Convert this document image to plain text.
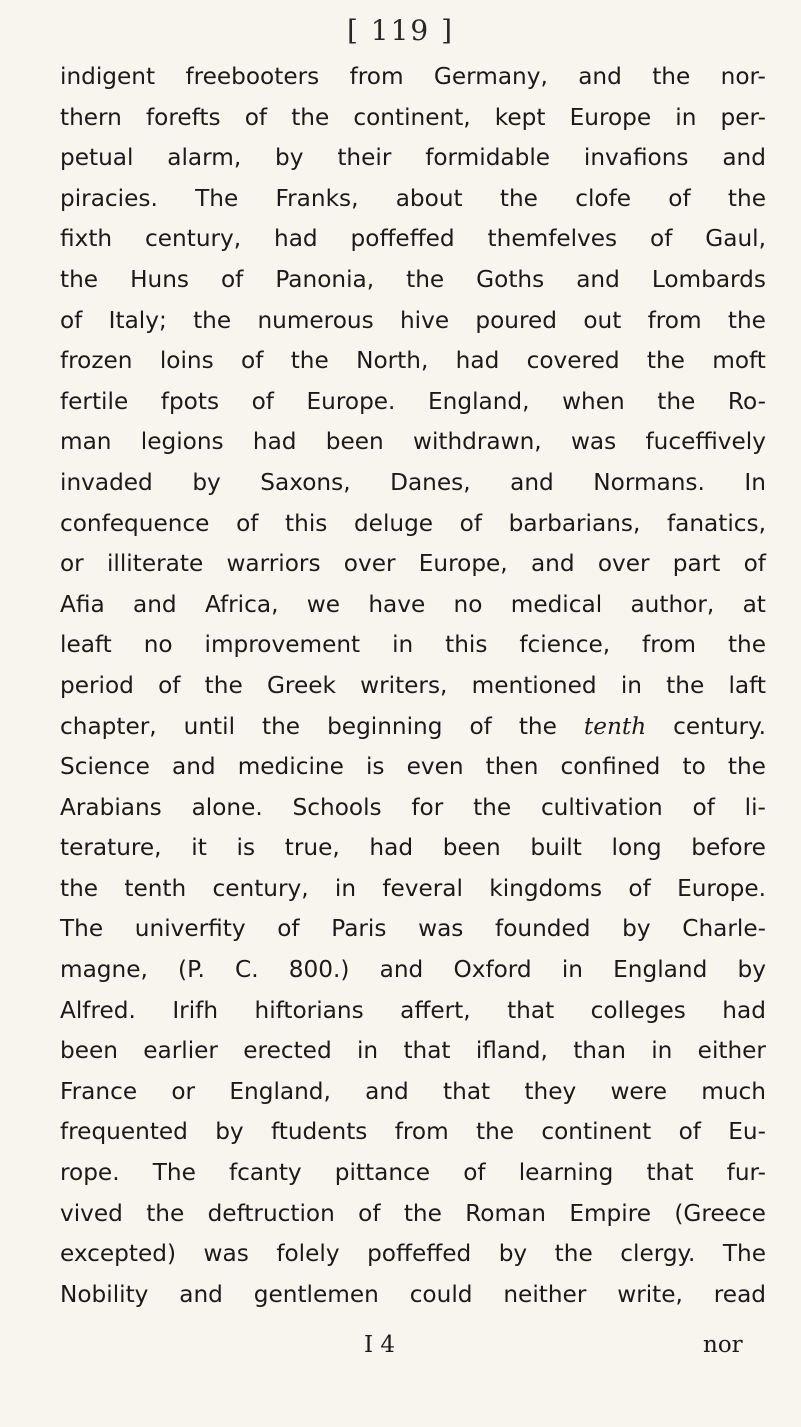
[ 119 ]
indigent freebooters from Germany, and the nor-
thern forefts of the continent, kept Europe in per-
petual alarm, by their formidable invafions and
piracies. The Franks, about the clofe of the
fixth century, had poffeffed themfelves of Gaul,
the Huns of Panonia, the Goths and Lombards
of Italy; the numerous hive poured out from the
frozen loins of the North, had covered the moft
fertile fpots of Europe. England, when the Ro-
man legions had been withdrawn, was fuceffively
invaded by Saxons, Danes, and Normans. In
confequence of this deluge of barbarians, fanatics,
or illiterate warriors over Europe, and over part of
Afia and Africa, we have no medical author, at
leaft no improvement in this fcience, from the
period of the Greek writers, mentioned in the laft
chapter, until the beginning of the tenth century.
Science and medicine is even then confined to the
Arabians alone. Schools for the cultivation of li-
terature, it is true, had been built long before
the tenth century, in feveral kingdoms of Europe.
The univerfity of Paris was founded by Charle-
magne, (P. C. 800.) and Oxford in England by
Alfred. Irifh hiftorians affert, that colleges had
been earlier erected in that ifland, than in either
France or England, and that they were much
frequented by ftudents from the continent of Eu-
rope. The fcanty pittance of learning that fur-
vived the deftruction of the Roman Empire (Greece
excepted) was folely poffeffed by the clergy. The
Nobility and gentlemen could neither write, read
I 4	nor
